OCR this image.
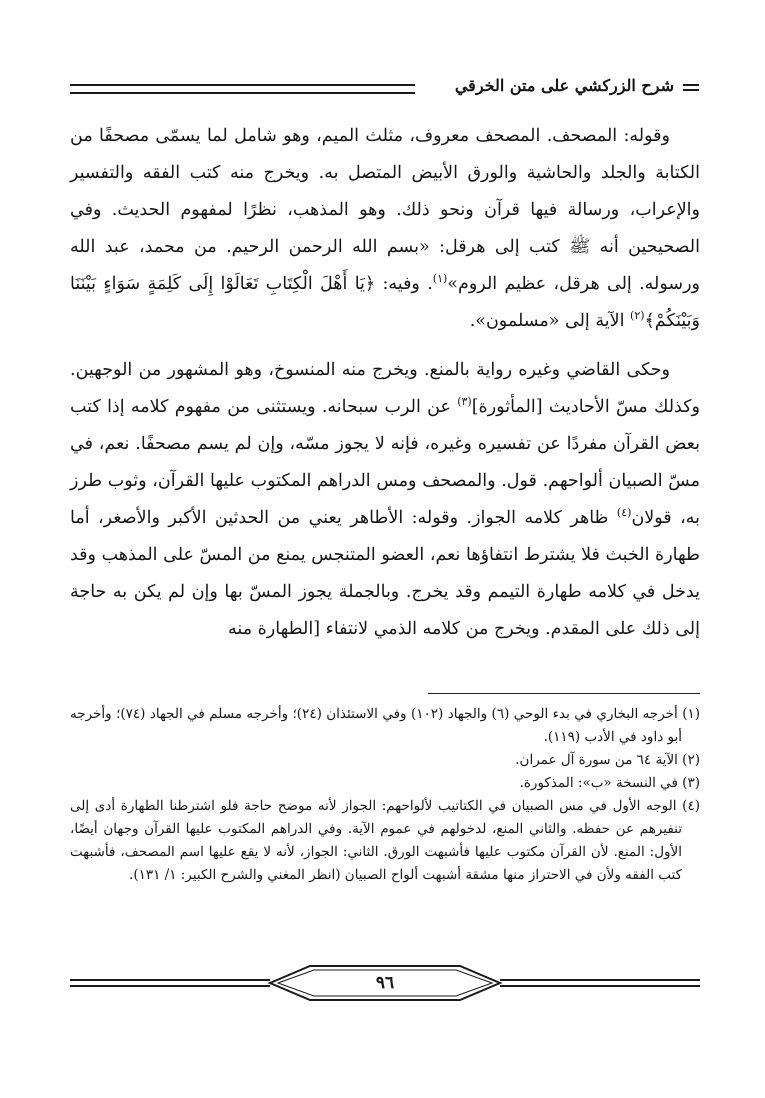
شرح الزركشي على متن الخرقي

وقوله: المصحف. المصحف معروف، مثلث الميم، وهو شامل لما يسمّى مصحفًا من الكتابة والجلد والحاشية والورق الأبيض المتصل به. ويخرج منه كتب الفقه والتفسير والإعراب، ورسالة فيها قرآن ونحو ذلك. وهو المذهب، نظرًا لمفهوم الحديث. وفي الصحيحين أنه ﷺ كتب إلى هرقل: «بسم الله الرحمن الرحيم. من محمد، عبد الله ورسوله. إلى هرقل، عظيم الروم»$^{(١)}$. وفيه: ﴿يَا أَهْلَ الْكِتَابِ تَعَالَوْا إِلَى كَلِمَةٍ سَوَاءٍ بَيْنَنَا وَبَيْنَكُمْ﴾$^{(٢)}$ الآية إلى «مسلمون».

وحكى القاضي وغيره رواية بالمنع. ويخرج منه المنسوخ، وهو المشهور من الوجهين. وكذلك مسّ الأحاديث [المأثورة]$^{(٣)}$ عن الرب سبحانه. ويستثنى من مفهوم كلامه إذا كتب بعض القرآن مفردًا عن تفسيره وغيره، فإنه لا يجوز مسّه، وإن لم يسم مصحفًا. نعم، في مسّ الصبيان ألواحهم. قول. والمصحف ومس الدراهم المكتوب عليها القرآن، وثوب طرز به، قولان$^{(٤)}$ ظاهر كلامه الجواز. وقوله: الأطاهر يعني من الحدثين الأكبر والأصغر، أما طهارة الخبث فلا يشترط انتفاؤها نعم، العضو المتنجس يمنع من المسّ على المذهب وقد يدخل في كلامه طهارة التيمم وقد يخرج. وبالجملة يجوز المسّ بها وإن لم يكن به حاجة إلى ذلك على المقدم. ويخرج من كلامه الذمي لانتفاء [الطهارة منه

(١) أخرجه البخاري في بدء الوحي (٦) والجهاد (١٠٢) وفي الاستئذان (٢٤)؛ وأخرجه مسلم في الجهاد (٧٤)؛ وأخرجه أبو داود في الأدب (١١٩).
(٢) الآية ٦٤ من سورة آل عمران.
(٣) في النسخة «ب»: المذكورة.
(٤) الوجه الأول في مس الصبيان في الكتاتيب لألواحهم: الجواز لأنه موضح حاجة فلو اشترطنا الطهارة أدى إلى تنفيرهم عن حفظه. والثاني المنع، لدخولهم في عموم الآية. وفي الدراهم المكتوب عليها القرآن وجهان أيضًا، الأول: المنع. لأن القرآن مكتوب عليها فأشبهت الورق. الثاني: الجواز، لأنه لا يقع عليها اسم المصحف، فأشبهت كتب الفقه ولأن في الاحتراز منها مشقة أشبهت ألواح الصبيان (انظر المغني والشرح الكبير: ١/ ١٣١).
٩٦
